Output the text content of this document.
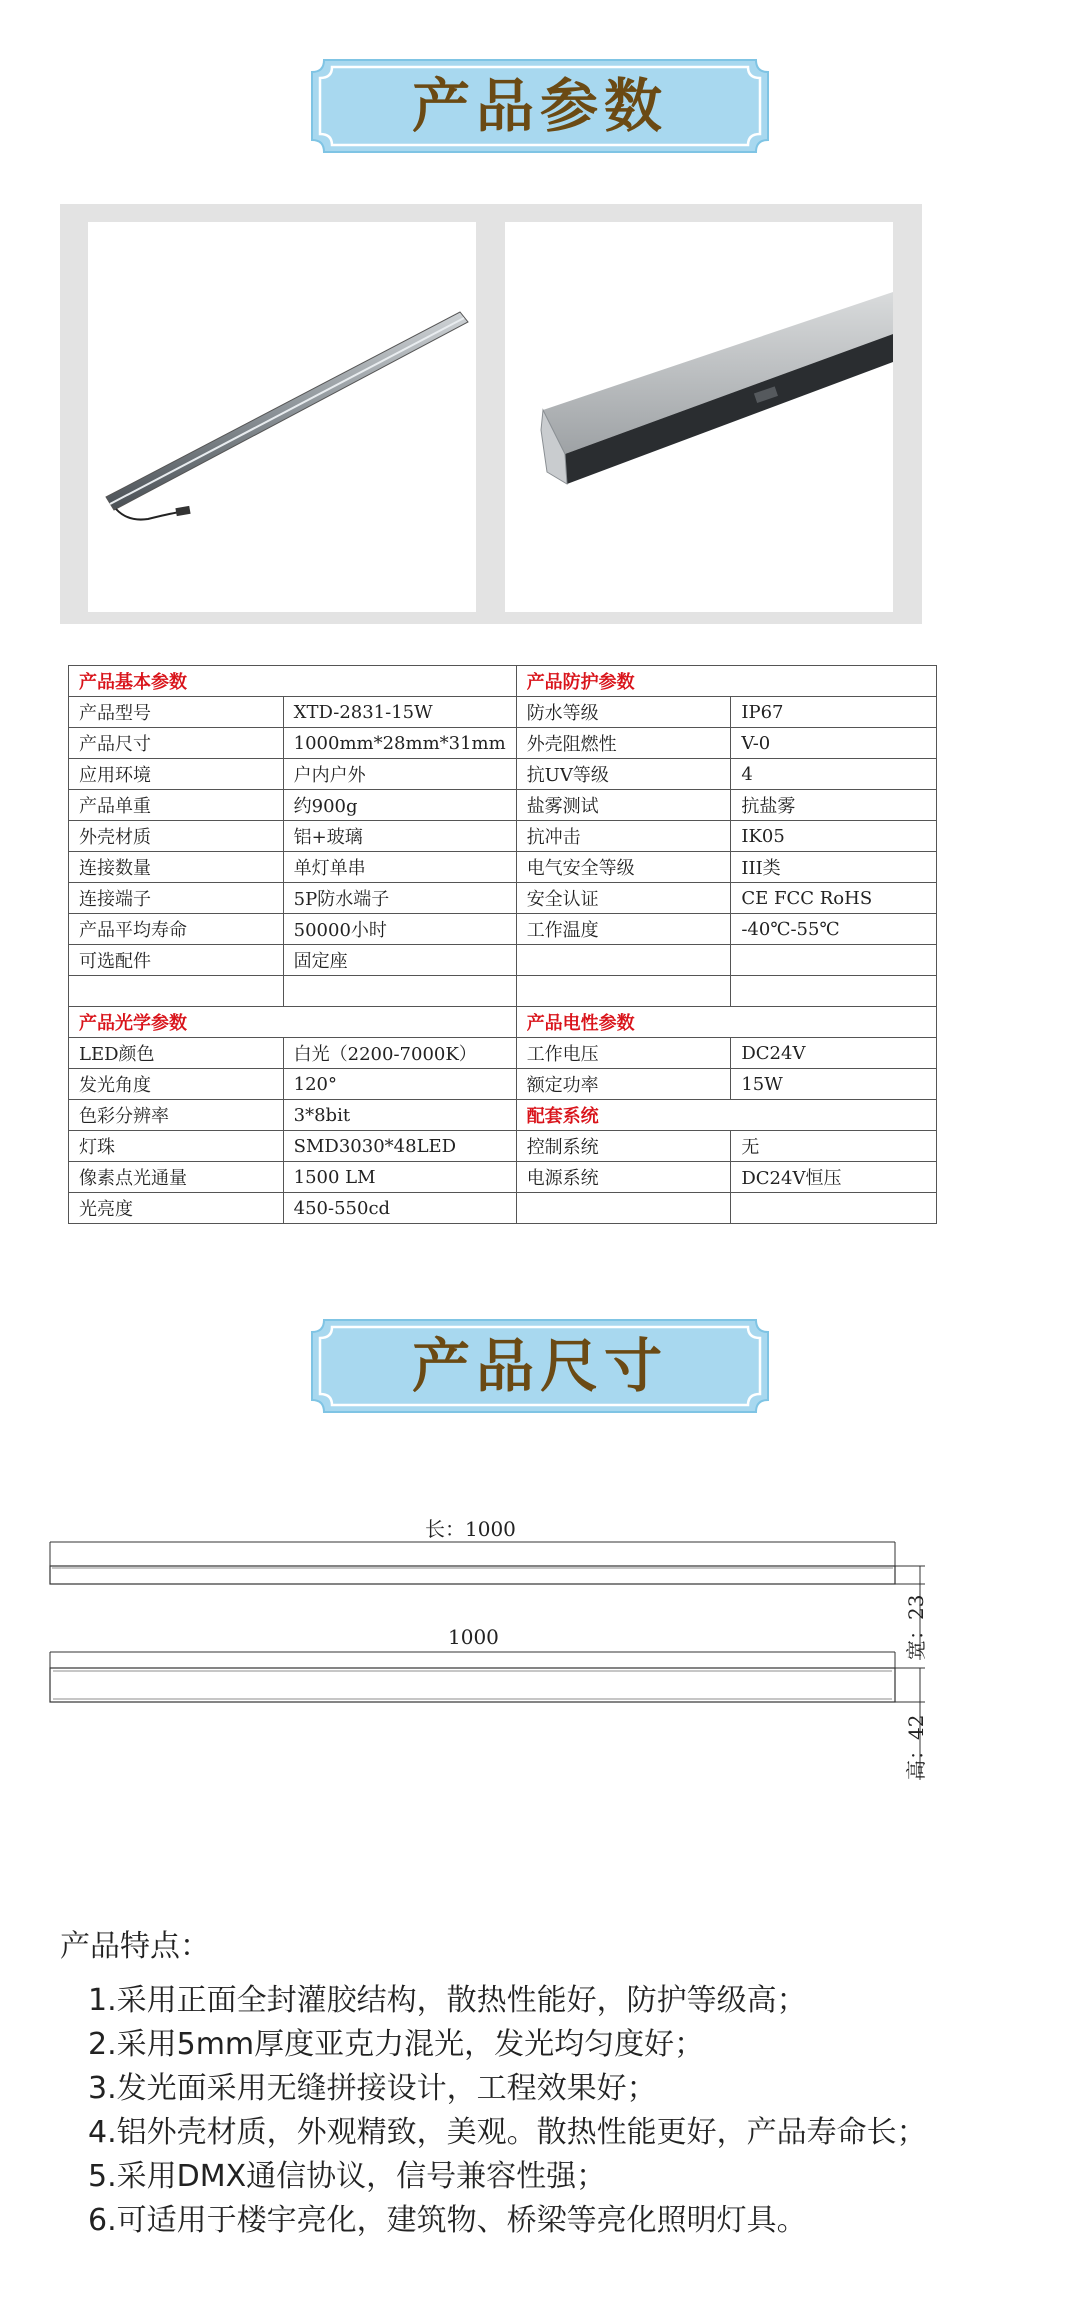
产品参数
产品基本参数		产品防护参数	
产品型号	XTD-2831-15W	防水等级	IP67
产品尺寸	1000mm*28mm*31mm	外壳阻燃性	V-0
应用环境	户内户外	抗UV等级	4
产品单重	约900g	盐雾测试	抗盐雾
外壳材质	铝+玻璃	抗冲击	IK05
连接数量	单灯单串	电气安全等级	III类
连接端子	5P防水端子	安全认证	CE FCC RoHS
产品平均寿命	50000小时	工作温度	-40℃-55℃
可选配件	固定座		

产品光学参数		产品电性参数	
LED颜色	白光（2200-7000K）	工作电压	DC24V
发光角度	120°	额定功率	15W
色彩分辨率	3*8bit	配套系统	
灯珠	SMD3030*48LED	控制系统	无
像素点光通量	1500 LM	电源系统	DC24V恒压
光亮度	450-550cd		
产品尺寸
长：1000
1000	宽：23
高：42
产品特点：
1.采用正面全封灌胶结构，散热性能好，防护等级高；
2.采用5mm厚度亚克力混光，发光均匀度好；
3.发光面采用无缝拼接设计，工程效果好；
4.铝外壳材质，外观精致，美观。散热性能更好，产品寿命长；
5.采用DMX通信协议，信号兼容性强；
6.可适用于楼宇亮化，建筑物、桥梁等亮化照明灯具。
